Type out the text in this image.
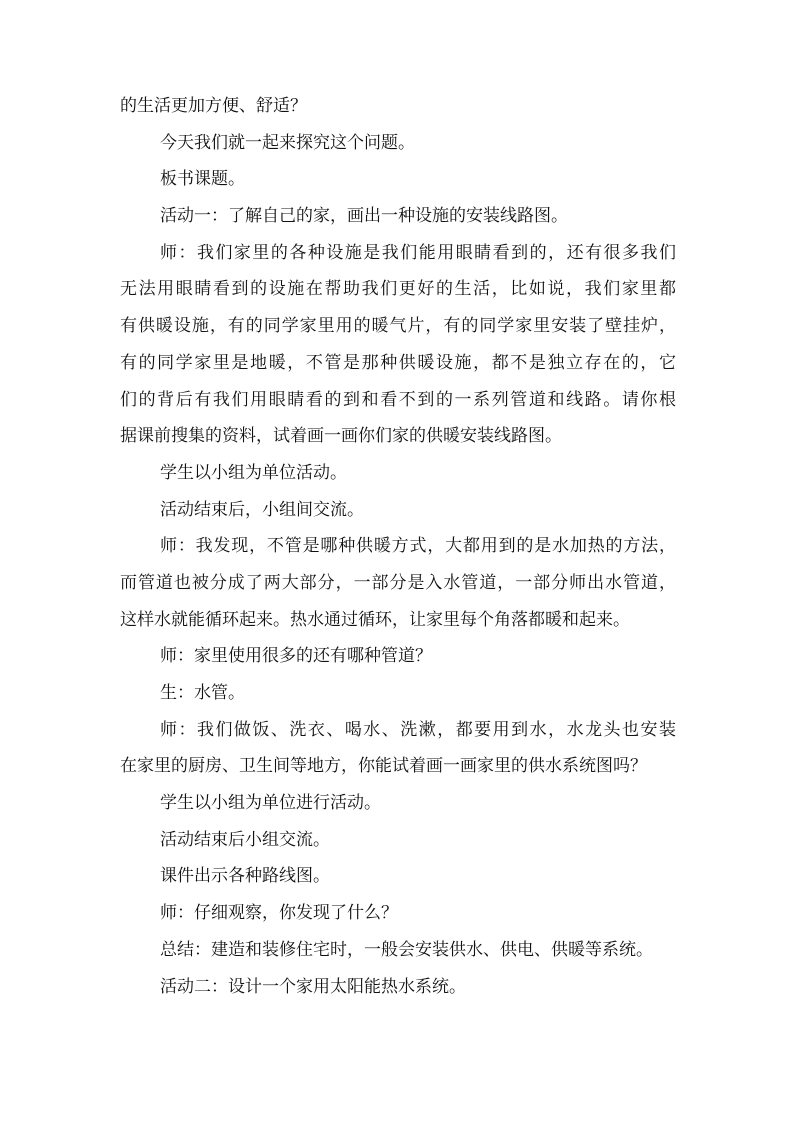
的生活更加方便、舒适？
今天我们就一起来探究这个问题。
板书课题。
活动一：了解自己的家，画出一种设施的安装线路图。
师：我们家里的各种设施是我们能用眼睛看到的，还有很多我们
无法用眼睛看到的设施在帮助我们更好的生活，比如说，我们家里都
有供暖设施，有的同学家里用的暖气片，有的同学家里安装了壁挂炉，
有的同学家里是地暖，不管是那种供暖设施，都不是独立存在的，它
们的背后有我们用眼睛看的到和看不到的一系列管道和线路。请你根
据课前搜集的资料，试着画一画你们家的供暖安装线路图。
学生以小组为单位活动。
活动结束后，小组间交流。
师：我发现，不管是哪种供暖方式，大都用到的是水加热的方法，
而管道也被分成了两大部分，一部分是入水管道，一部分师出水管道，
这样水就能循环起来。热水通过循环，让家里每个角落都暖和起来。
师：家里使用很多的还有哪种管道？
生：水管。
师：我们做饭、洗衣、喝水、洗漱，都要用到水，水龙头也安装
在家里的厨房、卫生间等地方，你能试着画一画家里的供水系统图吗？
学生以小组为单位进行活动。
活动结束后小组交流。
课件出示各种路线图。
师：仔细观察，你发现了什么？
总结：建造和装修住宅时，一般会安装供水、供电、供暖等系统。
活动二：设计一个家用太阳能热水系统。
